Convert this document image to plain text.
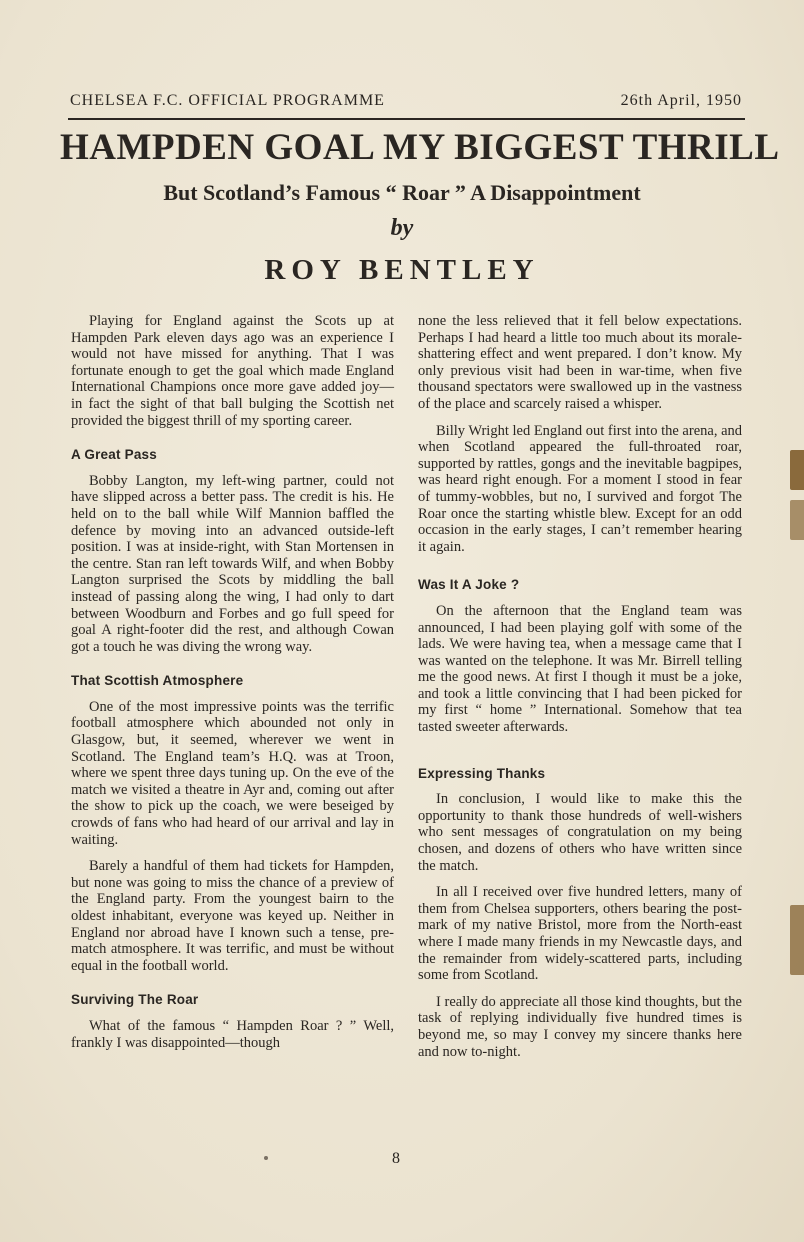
CHELSEA F.C. OFFICIAL PROGRAMME	26th April, 1950
HAMPDEN GOAL MY BIGGEST THRILL
But Scotland’s Famous “ Roar ” A Disappointment
by
ROY BENTLEY

Playing for England against the Scots up at Hampden Park eleven days ago was an experience I would not have missed for anything. That I was fortunate enough to get the goal which made England International Champions once more gave added joy—in fact the sight of that ball bulging the Scottish net provided the biggest thrill of my sporting career.

A Great Pass

Bobby Langton, my left-wing partner, could not have slipped across a better pass. The credit is his. He held on to the ball while Wilf Mannion baffled the defence by moving into an advanced outside-left position. I was at inside-right, with Stan Mortensen in the centre. Stan ran left towards Wilf, and when Bobby Langton surprised the Scots by middling the ball instead of passing along the wing, I had only to dart between Woodburn and Forbes and go full speed for goal A right-footer did the rest, and although Cowan got a touch he was diving the wrong way.

That Scottish Atmosphere

One of the most impressive points was the terrific football atmosphere which abounded not only in Glasgow, but, it seemed, wherever we went in Scotland. The England team’s H.Q. was at Troon, where we spent three days tuning up. On the eve of the match we visited a theatre in Ayr and, coming out after the show to pick up the coach, we were beseiged by crowds of fans who had heard of our arrival and lay in waiting.

Barely a handful of them had tickets for Hampden, but none was going to miss the chance of a preview of the England party. From the youngest bairn to the oldest inhabitant, everyone was keyed up. Neither in England nor abroad have I known such a tense, pre-match atmosphere. It was terrific, and must be without equal in the football world.

Surviving The Roar

What of the famous “ Hampden Roar ? ” Well, frankly I was disappointed—though

none the less relieved that it fell below expectations. Perhaps I had heard a little too much about its morale-shattering effect and went prepared. I don’t know. My only previous visit had been in war-time, when five thousand spectators were swallowed up in the vastness of the place and scarcely raised a whisper.

Billy Wright led England out first into the arena, and when Scotland appeared the full-throated roar, supported by rattles, gongs and the inevitable bagpipes, was heard right enough. For a moment I stood in fear of tummy-wobbles, but no, I survived and forgot The Roar once the starting whistle blew. Except for an odd occasion in the early stages, I can’t remember hearing it again.

Was It A Joke ?

On the afternoon that the England team was announced, I had been playing golf with some of the lads. We were having tea, when a message came that I was wanted on the telephone. It was Mr. Birrell telling me the good news. At first I though it must be a joke, and took a little convincing that I had been picked for my first “ home ” International. Somehow that tea tasted sweeter afterwards.

Expressing Thanks

In conclusion, I would like to make this the opportunity to thank those hundreds of well-wishers who sent messages of congratulation on my being chosen, and dozens of others who have written since the match.

In all I received over five hundred letters, many of them from Chelsea supporters, others bearing the post-mark of my native Bristol, more from the North-east where I made many friends in my Newcastle days, and the remainder from widely-scattered parts, including some from Scotland.

I really do appreciate all those kind thoughts, but the task of replying individually five hundred times is beyond me, so may I convey my sincere thanks here and now to-night.

8
